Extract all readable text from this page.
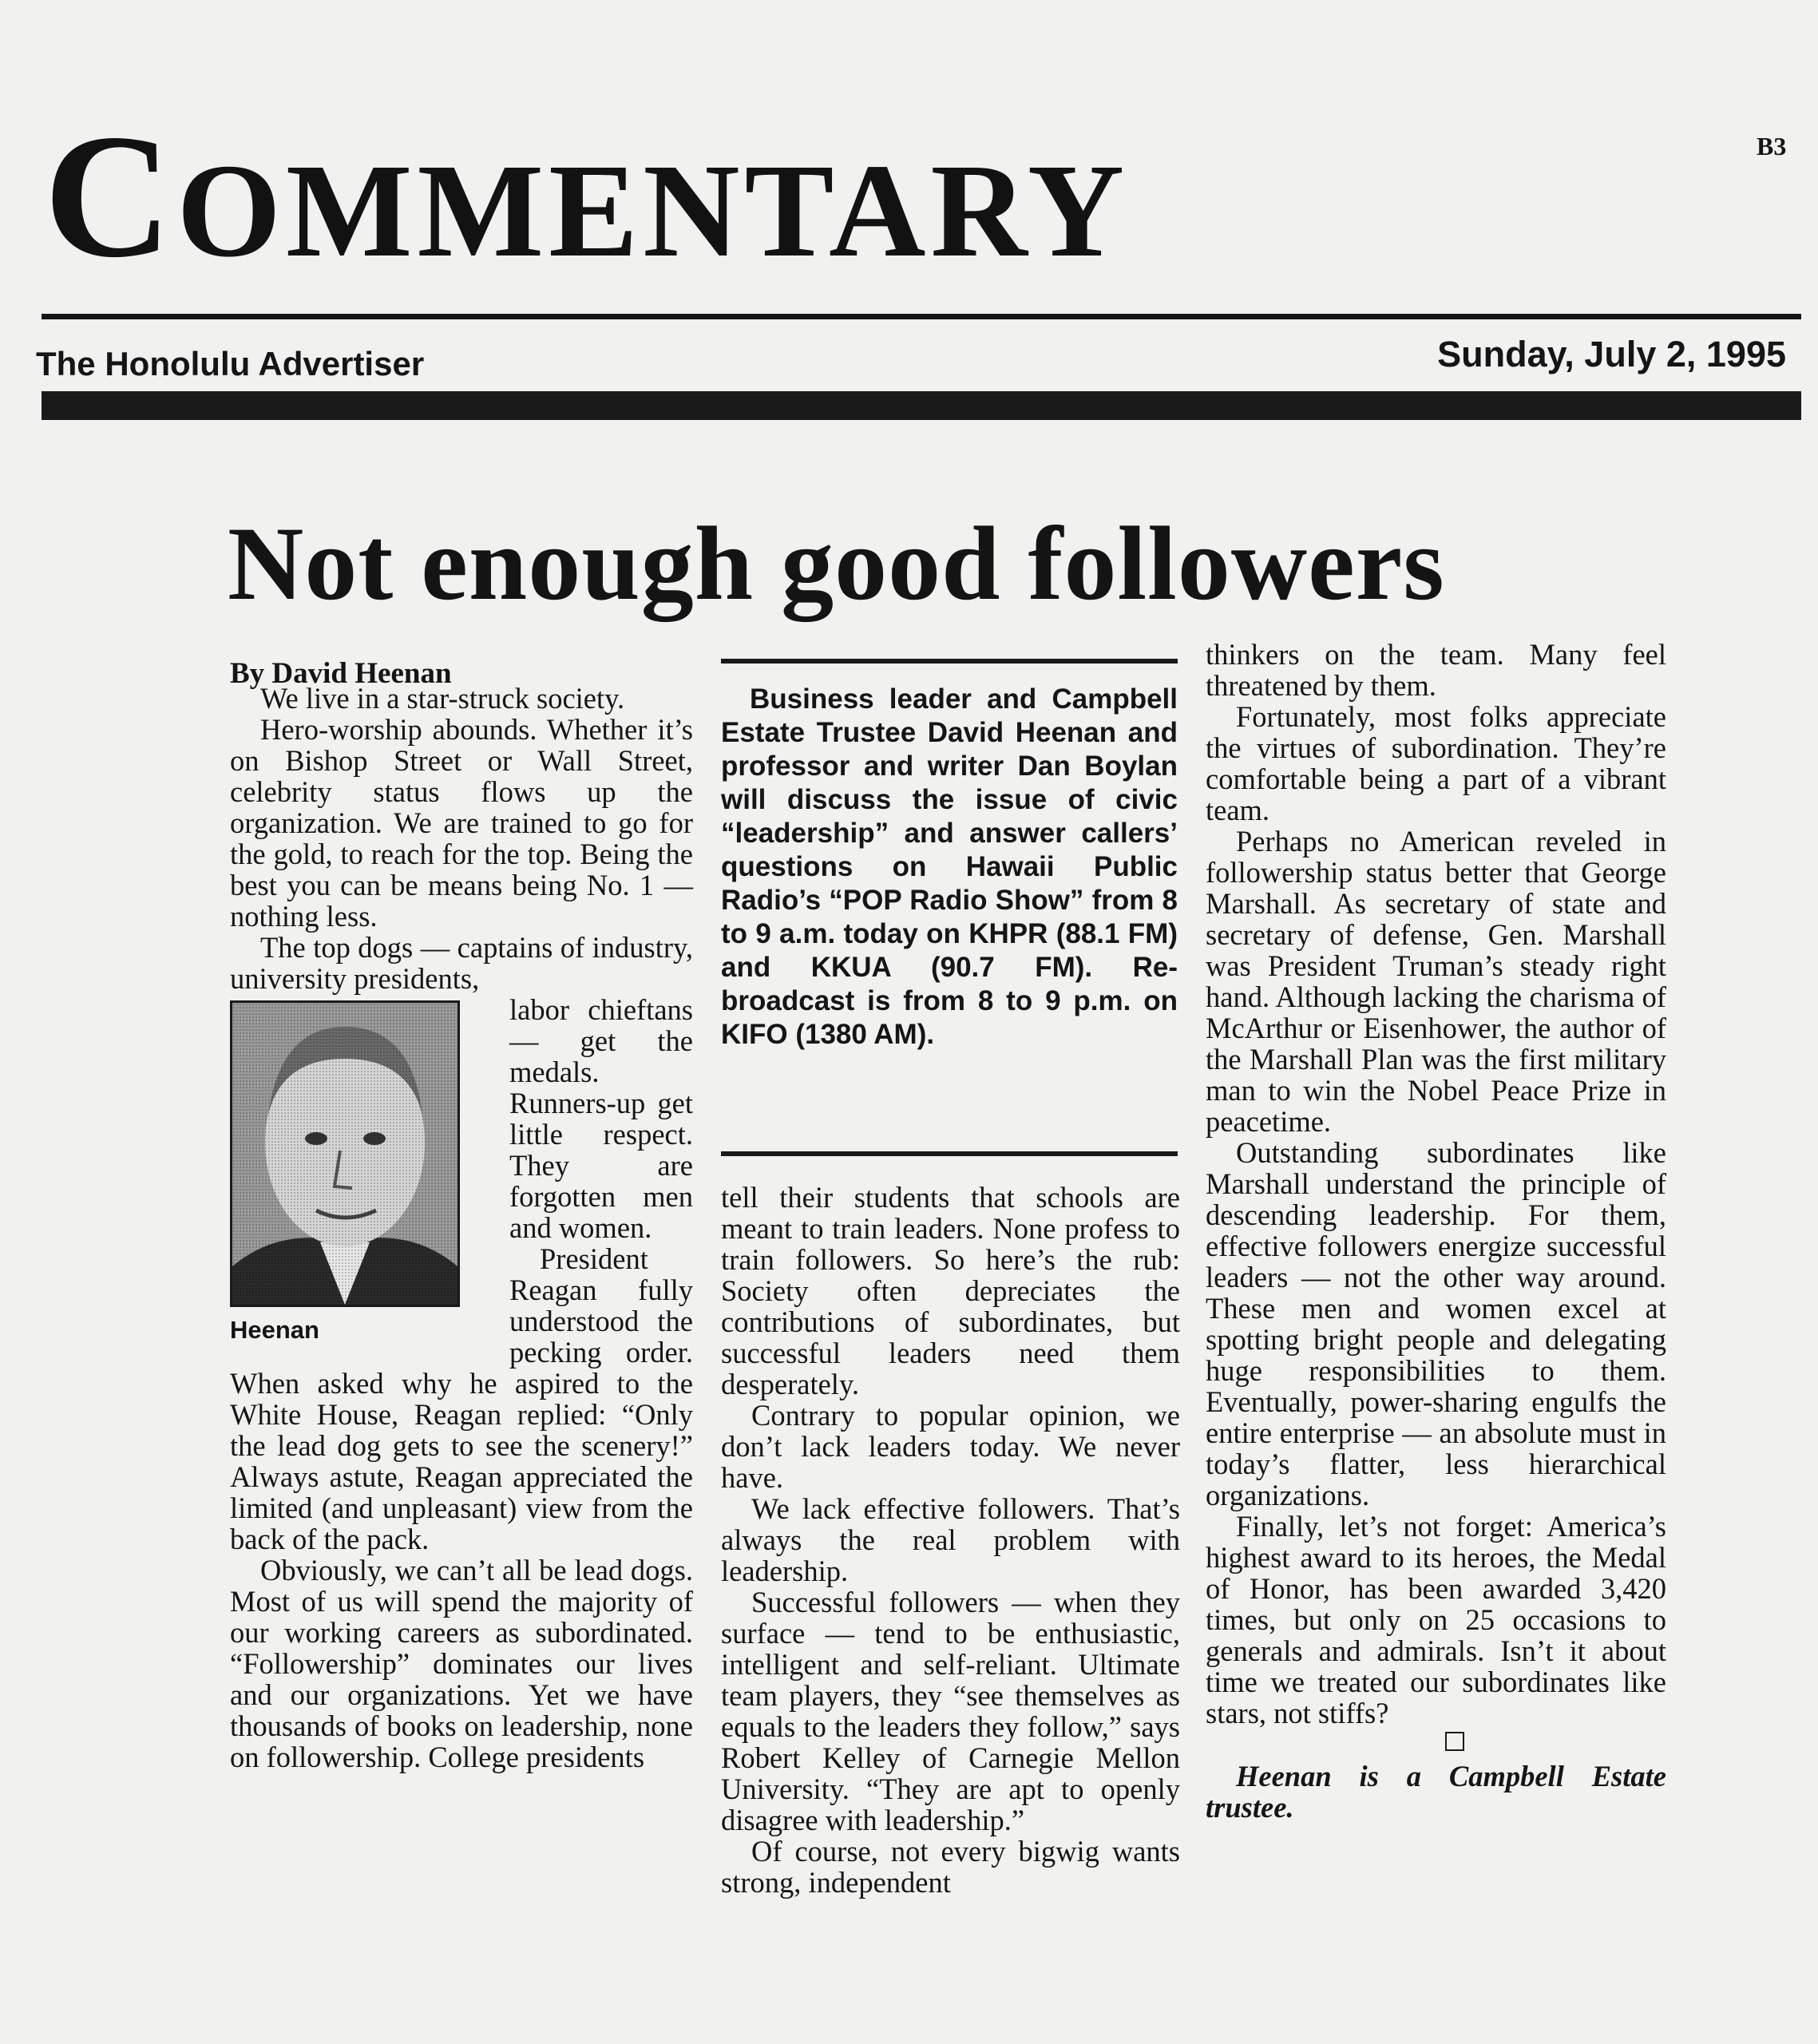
COMMENTARY	B3
The Honolulu Advertiser	Sunday, July 2, 1995
Not enough good followers
By David Heenan

We live in a star-struck society.

Hero-worship abounds. Whether it’s on Bishop Street or Wall Street, celebrity status flows up the organization. We are trained to go for the gold, to reach for the top. Being the best you can be means being No. 1 — nothing less.

The top dogs — captains of industry, university presidents,

Heenan

labor chieftans — get the medals. Runners-up get little respect. They are forgotten men and women.

President Reagan fully understood the pecking order. When asked why he aspired to the White House, Reagan replied: “Only the lead dog gets to see the scenery!” Always astute, Reagan appreciated the limited (and unpleasant) view from the back of the pack.

Obviously, we can’t all be lead dogs. Most of us will spend the majority of our working careers as subordinated. “Followership” dominates our lives and our organizations. Yet we have thousands of books on leadership, none on followership. College presidents

Business leader and Campbell Estate Trustee David Heenan and professor and writer Dan Boylan will discuss the issue of civic “leadership” and answer callers’ questions on Hawaii Public Radio’s “POP Radio Show” from 8 to 9 a.m. today on KHPR (88.1 FM) and KKUA (90.7 FM). Re-broadcast is from 8 to 9 p.m. on KIFO (1380 AM).

tell their students that schools are meant to train leaders. None profess to train followers. So here’s the rub: Society often depreciates the contributions of subordinates, but successful leaders need them desperately.

Contrary to popular opinion, we don’t lack leaders today. We never have.

We lack effective followers. That’s always the real problem with leadership.

Successful followers — when they surface — tend to be enthusiastic, intelligent and self-reliant. Ultimate team players, they “see themselves as equals to the leaders they follow,” says Robert Kelley of Carnegie Mellon University. “They are apt to openly disagree with leadership.”

Of course, not every bigwig wants strong, independent

thinkers on the team. Many feel threatened by them.

Fortunately, most folks appreciate the virtues of subordination. They’re comfortable being a part of a vibrant team.

Perhaps no American reveled in followership status better that George Marshall. As secretary of state and secretary of defense, Gen. Marshall was President Truman’s steady right hand. Although lacking the charisma of McArthur or Eisenhower, the author of the Marshall Plan was the first military man to win the Nobel Peace Prize in peacetime.

Outstanding subordinates like Marshall understand the principle of descending leadership. For them, effective followers energize successful leaders — not the other way around. These men and women excel at spotting bright people and delegating huge responsibilities to them. Eventually, power-sharing engulfs the entire enterprise — an absolute must in today’s flatter, less hierarchical organizations.

Finally, let’s not forget: America’s highest award to its heroes, the Medal of Honor, has been awarded 3,420 times, but only on 25 occasions to generals and admirals. Isn’t it about time we treated our subordinates like stars, not stiffs?

Heenan is a Campbell Estate trustee.
